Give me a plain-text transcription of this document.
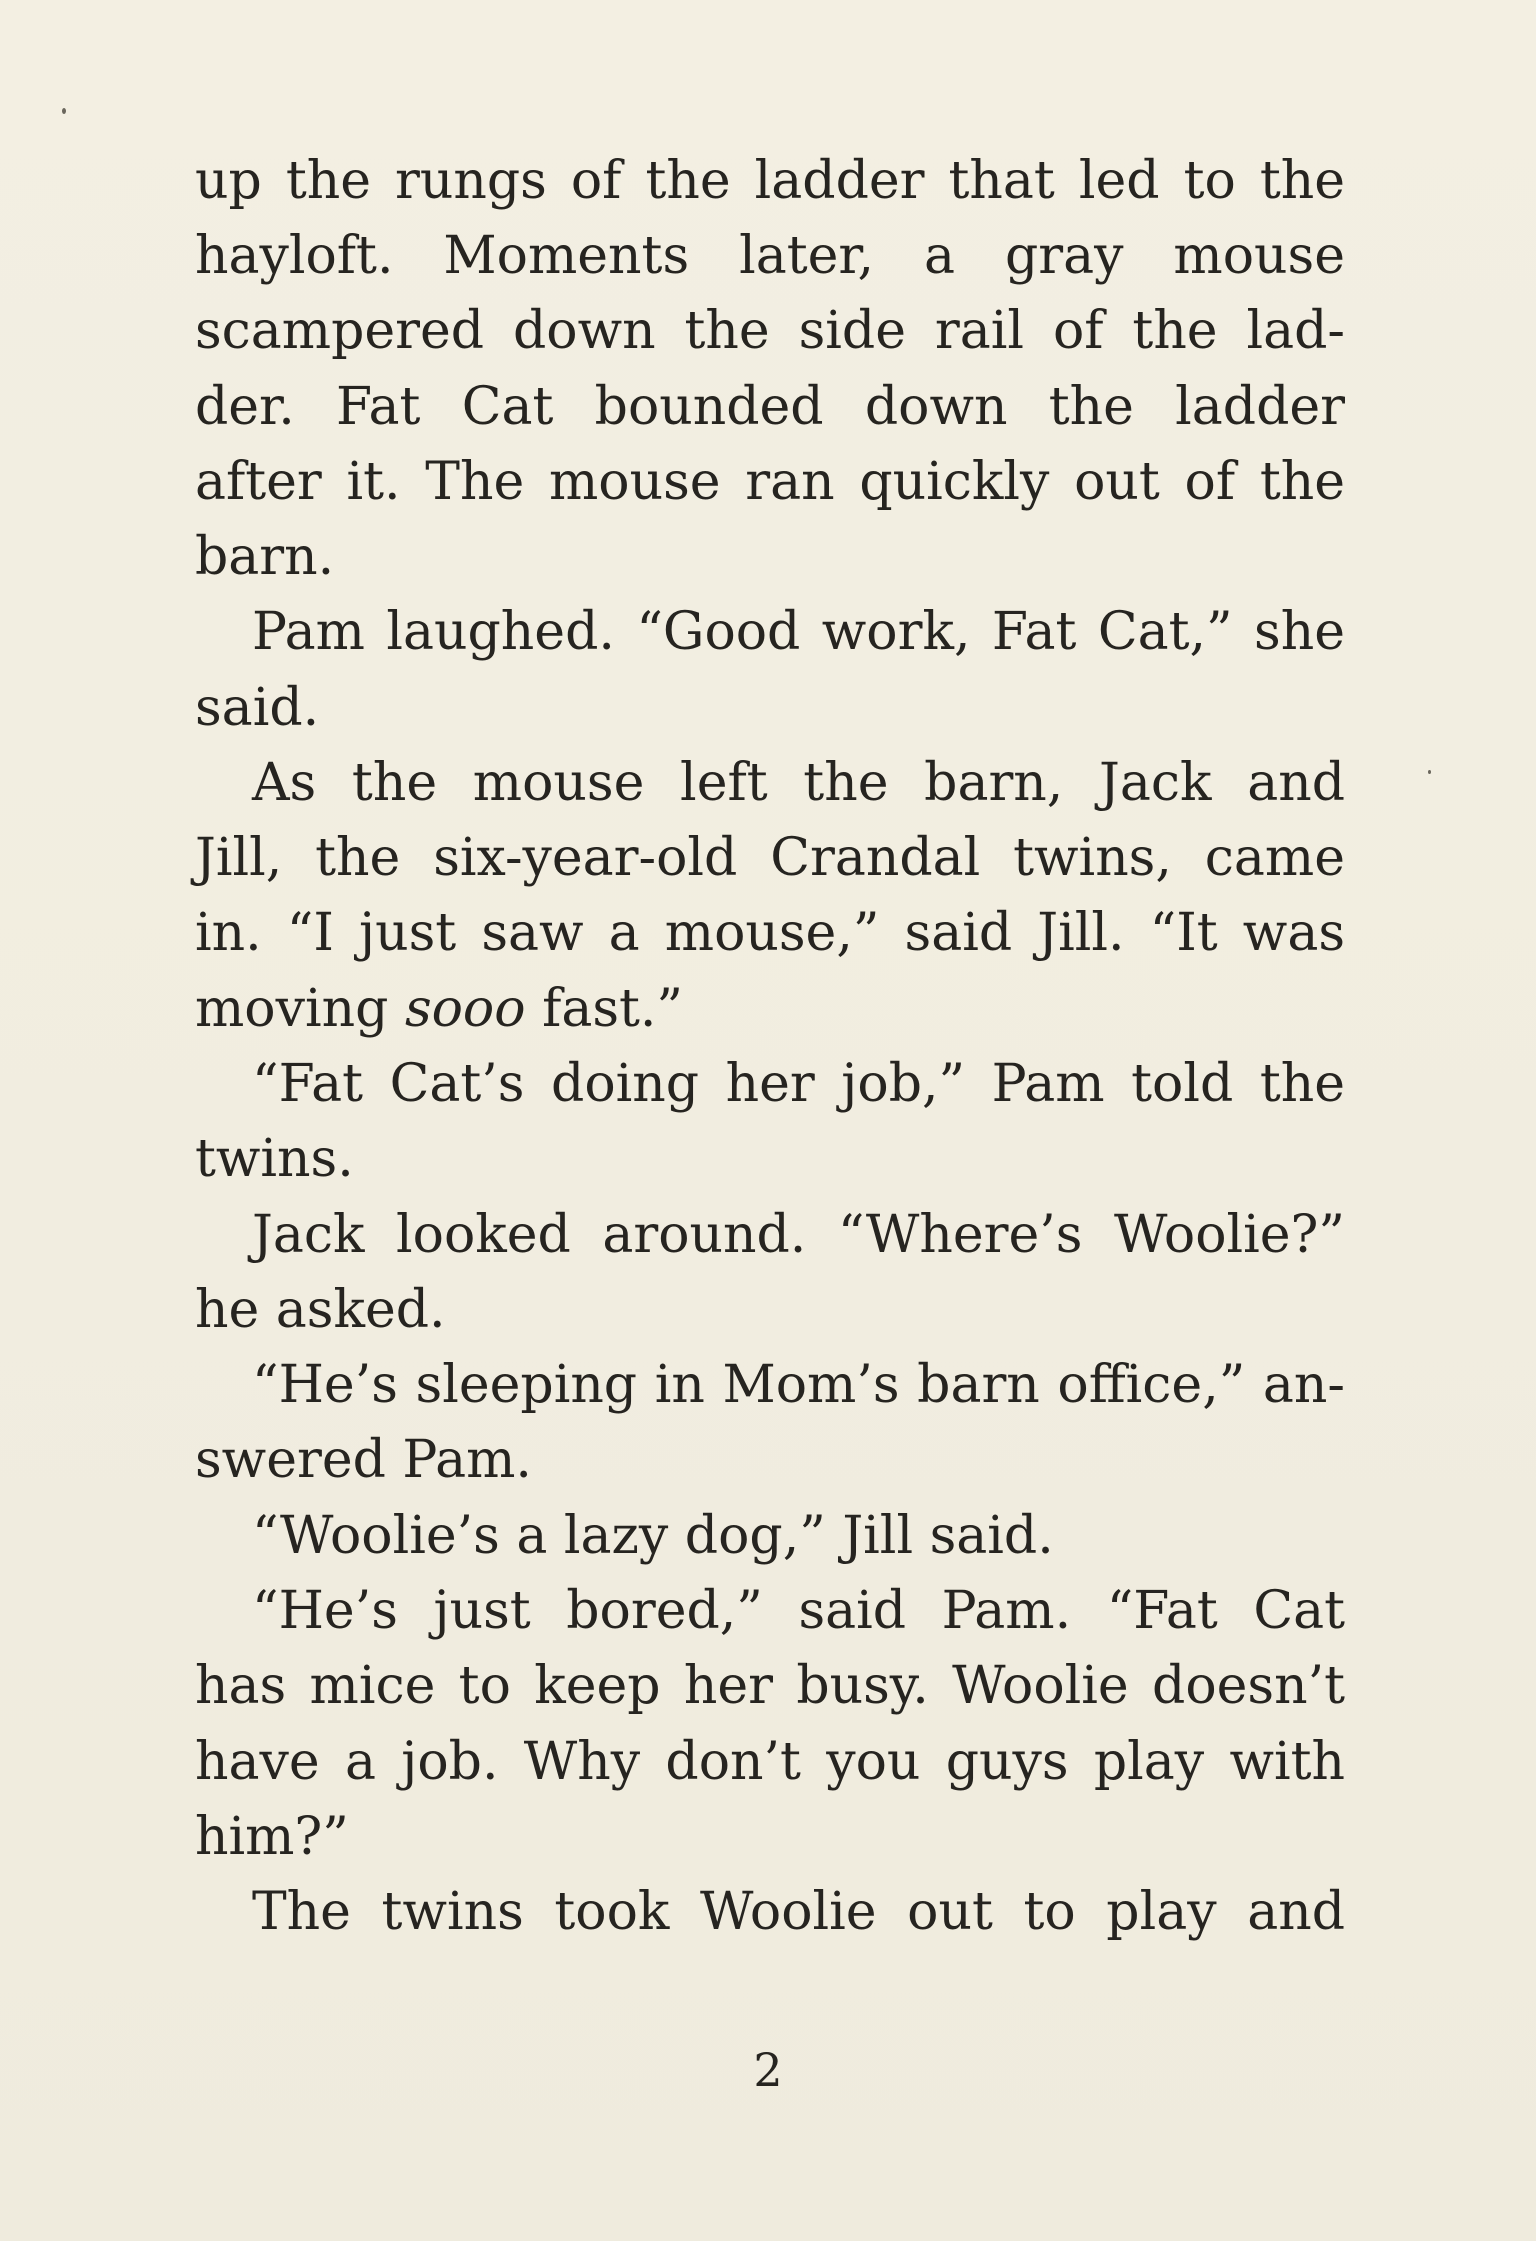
up the rungs of the ladder that led to the
hayloft. Moments later, a gray mouse
scampered down the side rail of the lad-
der. Fat Cat bounded down the ladder
after it. The mouse ran quickly out of the
barn.
Pam laughed. “Good work, Fat Cat,” she
said.
As the mouse left the barn, Jack and
Jill, the six-year-old Crandal twins, came
in. “I just saw a mouse,” said Jill. “It was
moving sooo fast.”
“Fat Cat’s doing her job,” Pam told the
twins.
Jack looked around. “Where’s Woolie?”
he asked.
“He’s sleeping in Mom’s barn office,” an-
swered Pam.
“Woolie’s a lazy dog,” Jill said.
“He’s just bored,” said Pam. “Fat Cat
has mice to keep her busy. Woolie doesn’t
have a job. Why don’t you guys play with
him?”
The twins took Woolie out to play and
2
